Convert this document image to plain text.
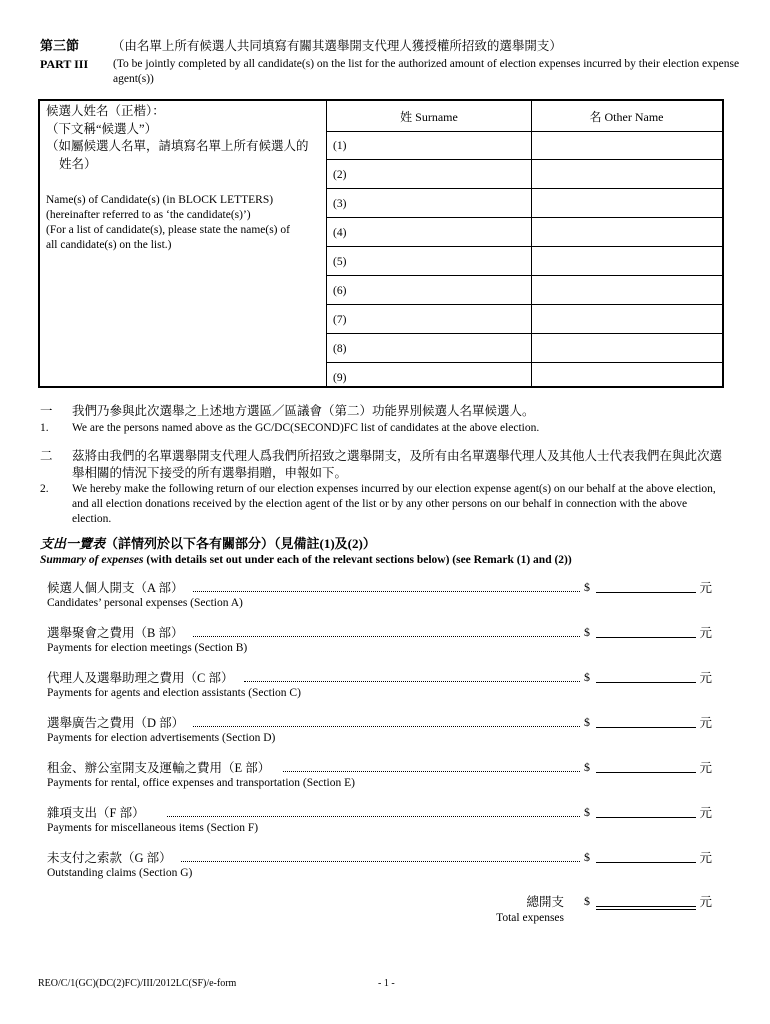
第三節	（由名單上所有候選人共同填寫有關其選舉開支代理人獲授權所招致的選舉開支）
PART III (To be jointly completed by all candidate(s) on the list for the authorized amount of election expenses incurred by their election expense agent(s))
候選人姓名（正楷）：
（下文稱“候選人”）
（如屬候選人名單，請填寫名單上所有候選人的
姓名）
Name(s) of Candidate(s) (in BLOCK LETTERS)
(hereinafter referred to as ‘the candidate(s)’)
(For a list of candidate(s), please state the name(s) of
all candidate(s) on the list.)
姓 Surname	名 Other Name
(1)
(2)
(3)
(4)
(5)
(6)
(7)
(8)
(9)
一 我們乃參與此次選舉之上述地方選區／區議會（第二）功能界別候選人名單候選人。
1. We are the persons named above as the GC/DC(SECOND)FC list of candidates at the above election.
二 茲將由我們的名單選舉開支代理人爲我們所招致之選舉開支，及所有由名單選舉代理人及其他人士代表我們在與此次選舉相關的情況下接受的所有選舉捐贈，申報如下。
2. We hereby make the following return of our election expenses incurred by our election expense agent(s) on our behalf at the above election, and all election donations received by the election agent of the list or by any other persons on our behalf in connection with the above election.
支出一覽表（詳情列於以下各有關部分）（見備註(1)及(2)）
Summary of expenses (with details set out under each of the relevant sections below) (see Remark (1) and (2))
候選人個人開支（A 部）
Candidates’ personal expenses (Section A)
$	元
選舉聚會之費用（B 部）
Payments for election meetings (Section B)
$	元
代理人及選舉助理之費用（C 部）
Payments for agents and election assistants (Section C)
$	元
選舉廣告之費用（D 部）
Payments for election advertisements (Section D)
$	元
租金、辦公室開支及運輸之費用（E 部）
Payments for rental, office expenses and transportation (Section E)
$	元
雜項支出（F 部）
Payments for miscellaneous items (Section F)
$	元
未支付之索款（G 部）
Outstanding claims (Section G)
$	元
總開支
Total expenses
$	元
REO/C/1(GC)(DC(2)FC)/III/2012LC(SF)/e-form	- 1 -
